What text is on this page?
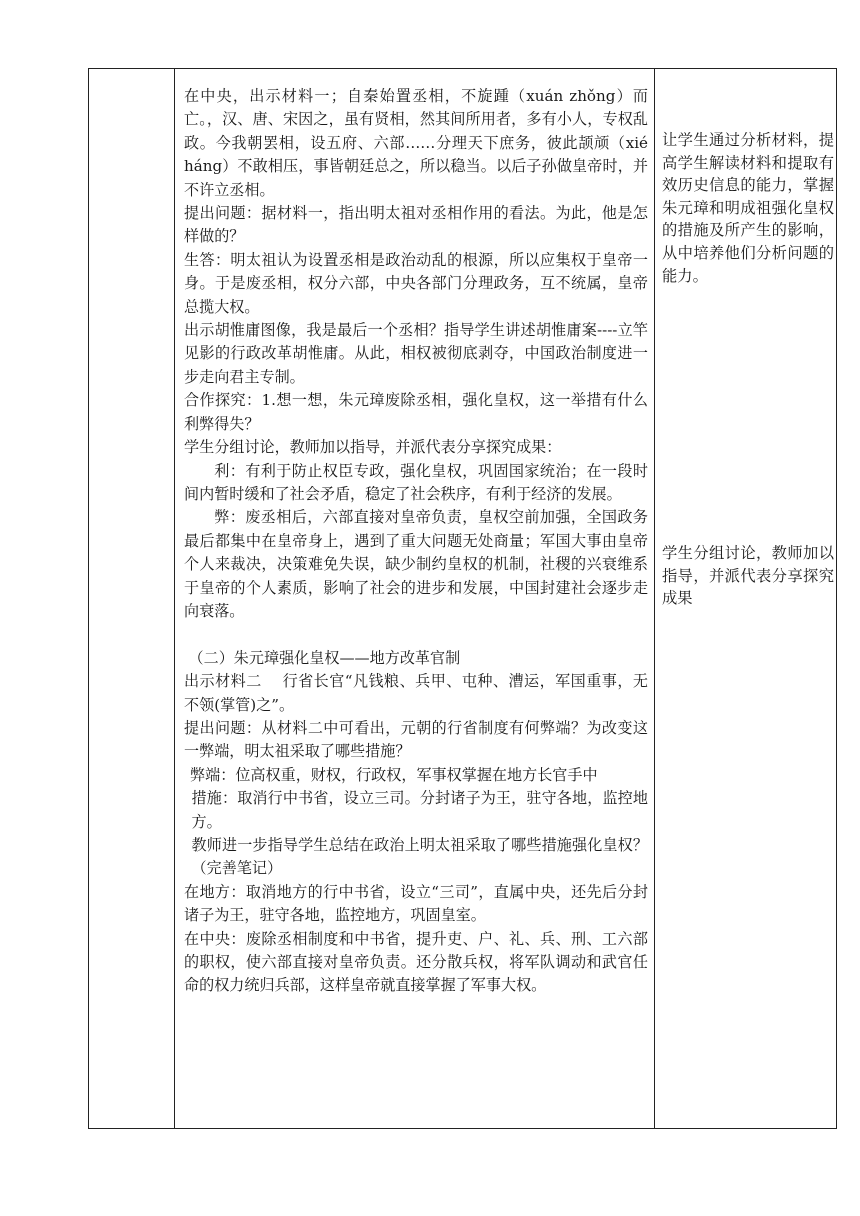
在中央，出示材料一；自秦始置丞相，不旋踵（xuán zhǒng）而亡。，汉、唐、宋因之，虽有贤相，然其间所用者，多有小人，专权乱政。今我朝罢相，设五府、六部……分理天下庶务，彼此颉颃（xié háng）不敢相压，事皆朝廷总之，所以稳当。以后子孙做皇帝时，并不许立丞相。

提出问题：据材料一，指出明太祖对丞相作用的看法。为此，他是怎样做的？

生答：明太祖认为设置丞相是政治动乱的根源，所以应集权于皇帝一身。于是废丞相，权分六部，中央各部门分理政务，互不统属，皇帝总揽大权。

出示胡惟庸图像，我是最后一个丞相？指导学生讲述胡惟庸案----立竿见影的行政改革胡惟庸。从此，相权被彻底剥夺，中国政治制度进一步走向君主专制。

合作探究：1.想一想，朱元璋废除丞相，强化皇权，这一举措有什么利弊得失？

学生分组讨论，教师加以指导，并派代表分享探究成果：

利：有利于防止权臣专政，强化皇权，巩固国家统治；在一段时间内暂时缓和了社会矛盾，稳定了社会秩序，有利于经济的发展。

弊：废丞相后，六部直接对皇帝负责，皇权空前加强，全国政务最后都集中在皇帝身上，遇到了重大问题无处商量；军国大事由皇帝个人来裁决，决策难免失误，缺少制约皇权的机制，社稷的兴衰维系于皇帝的个人素质，影响了社会的进步和发展，中国封建社会逐步走向衰落。

（二）朱元璋强化皇权——地方改革官制

出示材料二　 行省长官“凡钱粮、兵甲、屯种、漕运，军国重事，无不领(掌管)之”。

提出问题：从材料二中可看出，元朝的行省制度有何弊端？为改变这一弊端，明太祖采取了哪些措施？

弊端：位高权重，财权，行政权，军事权掌握在地方长官手中

措施：取消行中书省，设立三司。分封诸子为王，驻守各地，监控地方。

教师进一步指导学生总结在政治上明太祖采取了哪些措施强化皇权？（完善笔记）

在地方：取消地方的行中书省，设立“三司”，直属中央，还先后分封诸子为王，驻守各地，监控地方，巩固皇室。

在中央：废除丞相制度和中书省，提升吏、户、礼、兵、刑、工六部的职权，使六部直接对皇帝负责。还分散兵权，将军队调动和武官任命的权力统归兵部，这样皇帝就直接掌握了军事大权。

让学生通过分析材料，提高学生解读材料和提取有效历史信息的能力，掌握朱元璋和明成祖强化皇权的措施及所产生的影响，从中培养他们分析问题的能力。

学生分组讨论，教师加以指导，并派代表分享探究成果
